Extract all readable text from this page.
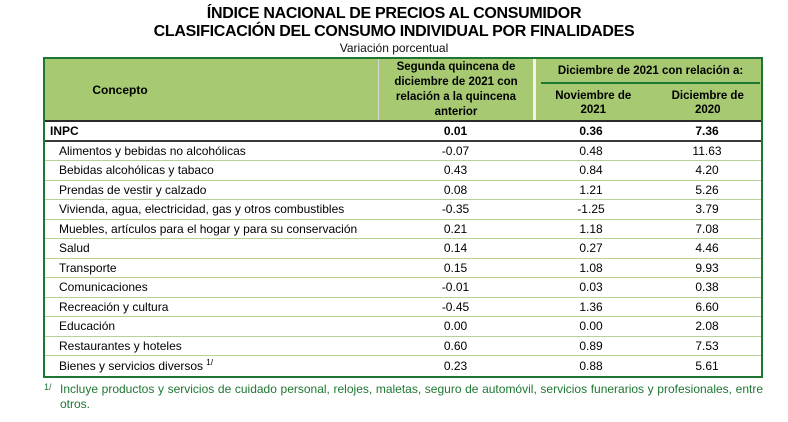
ÍNDICE NACIONAL DE PRECIOS AL CONSUMIDOR
CLASIFICACIÓN DEL CONSUMO INDIVIDUAL POR FINALIDADES
Variación porcentual
Concepto
Segunda quincena de diciembre de 2021 con relación a la quincena anterior
Diciembre de 2021 con relación a:
Noviembre de 2021
Diciembre de 2020
INPC	0.01	0.36	7.36
Alimentos y bebidas no alcohólicas	-0.07	0.48	11.63
Bebidas alcohólicas y tabaco	0.43	0.84	4.20
Prendas de vestir y calzado	0.08	1.21	5.26
Vivienda, agua, electricidad, gas y otros combustibles	-0.35	-1.25	3.79
Muebles, artículos para el hogar y para su conservación	0.21	1.18	7.08
Salud	0.14	0.27	4.46
Transporte	0.15	1.08	9.93
Comunicaciones	-0.01	0.03	0.38
Recreación y cultura	-0.45	1.36	6.60
Educación	0.00	0.00	2.08
Restaurantes y hoteles	0.60	0.89	7.53
Bienes y servicios diversos 1/	0.23	0.88	5.61
1/ Incluye productos y servicios de cuidado personal, relojes, maletas, seguro de automóvil, servicios funerarios y profesionales, entre otros.
